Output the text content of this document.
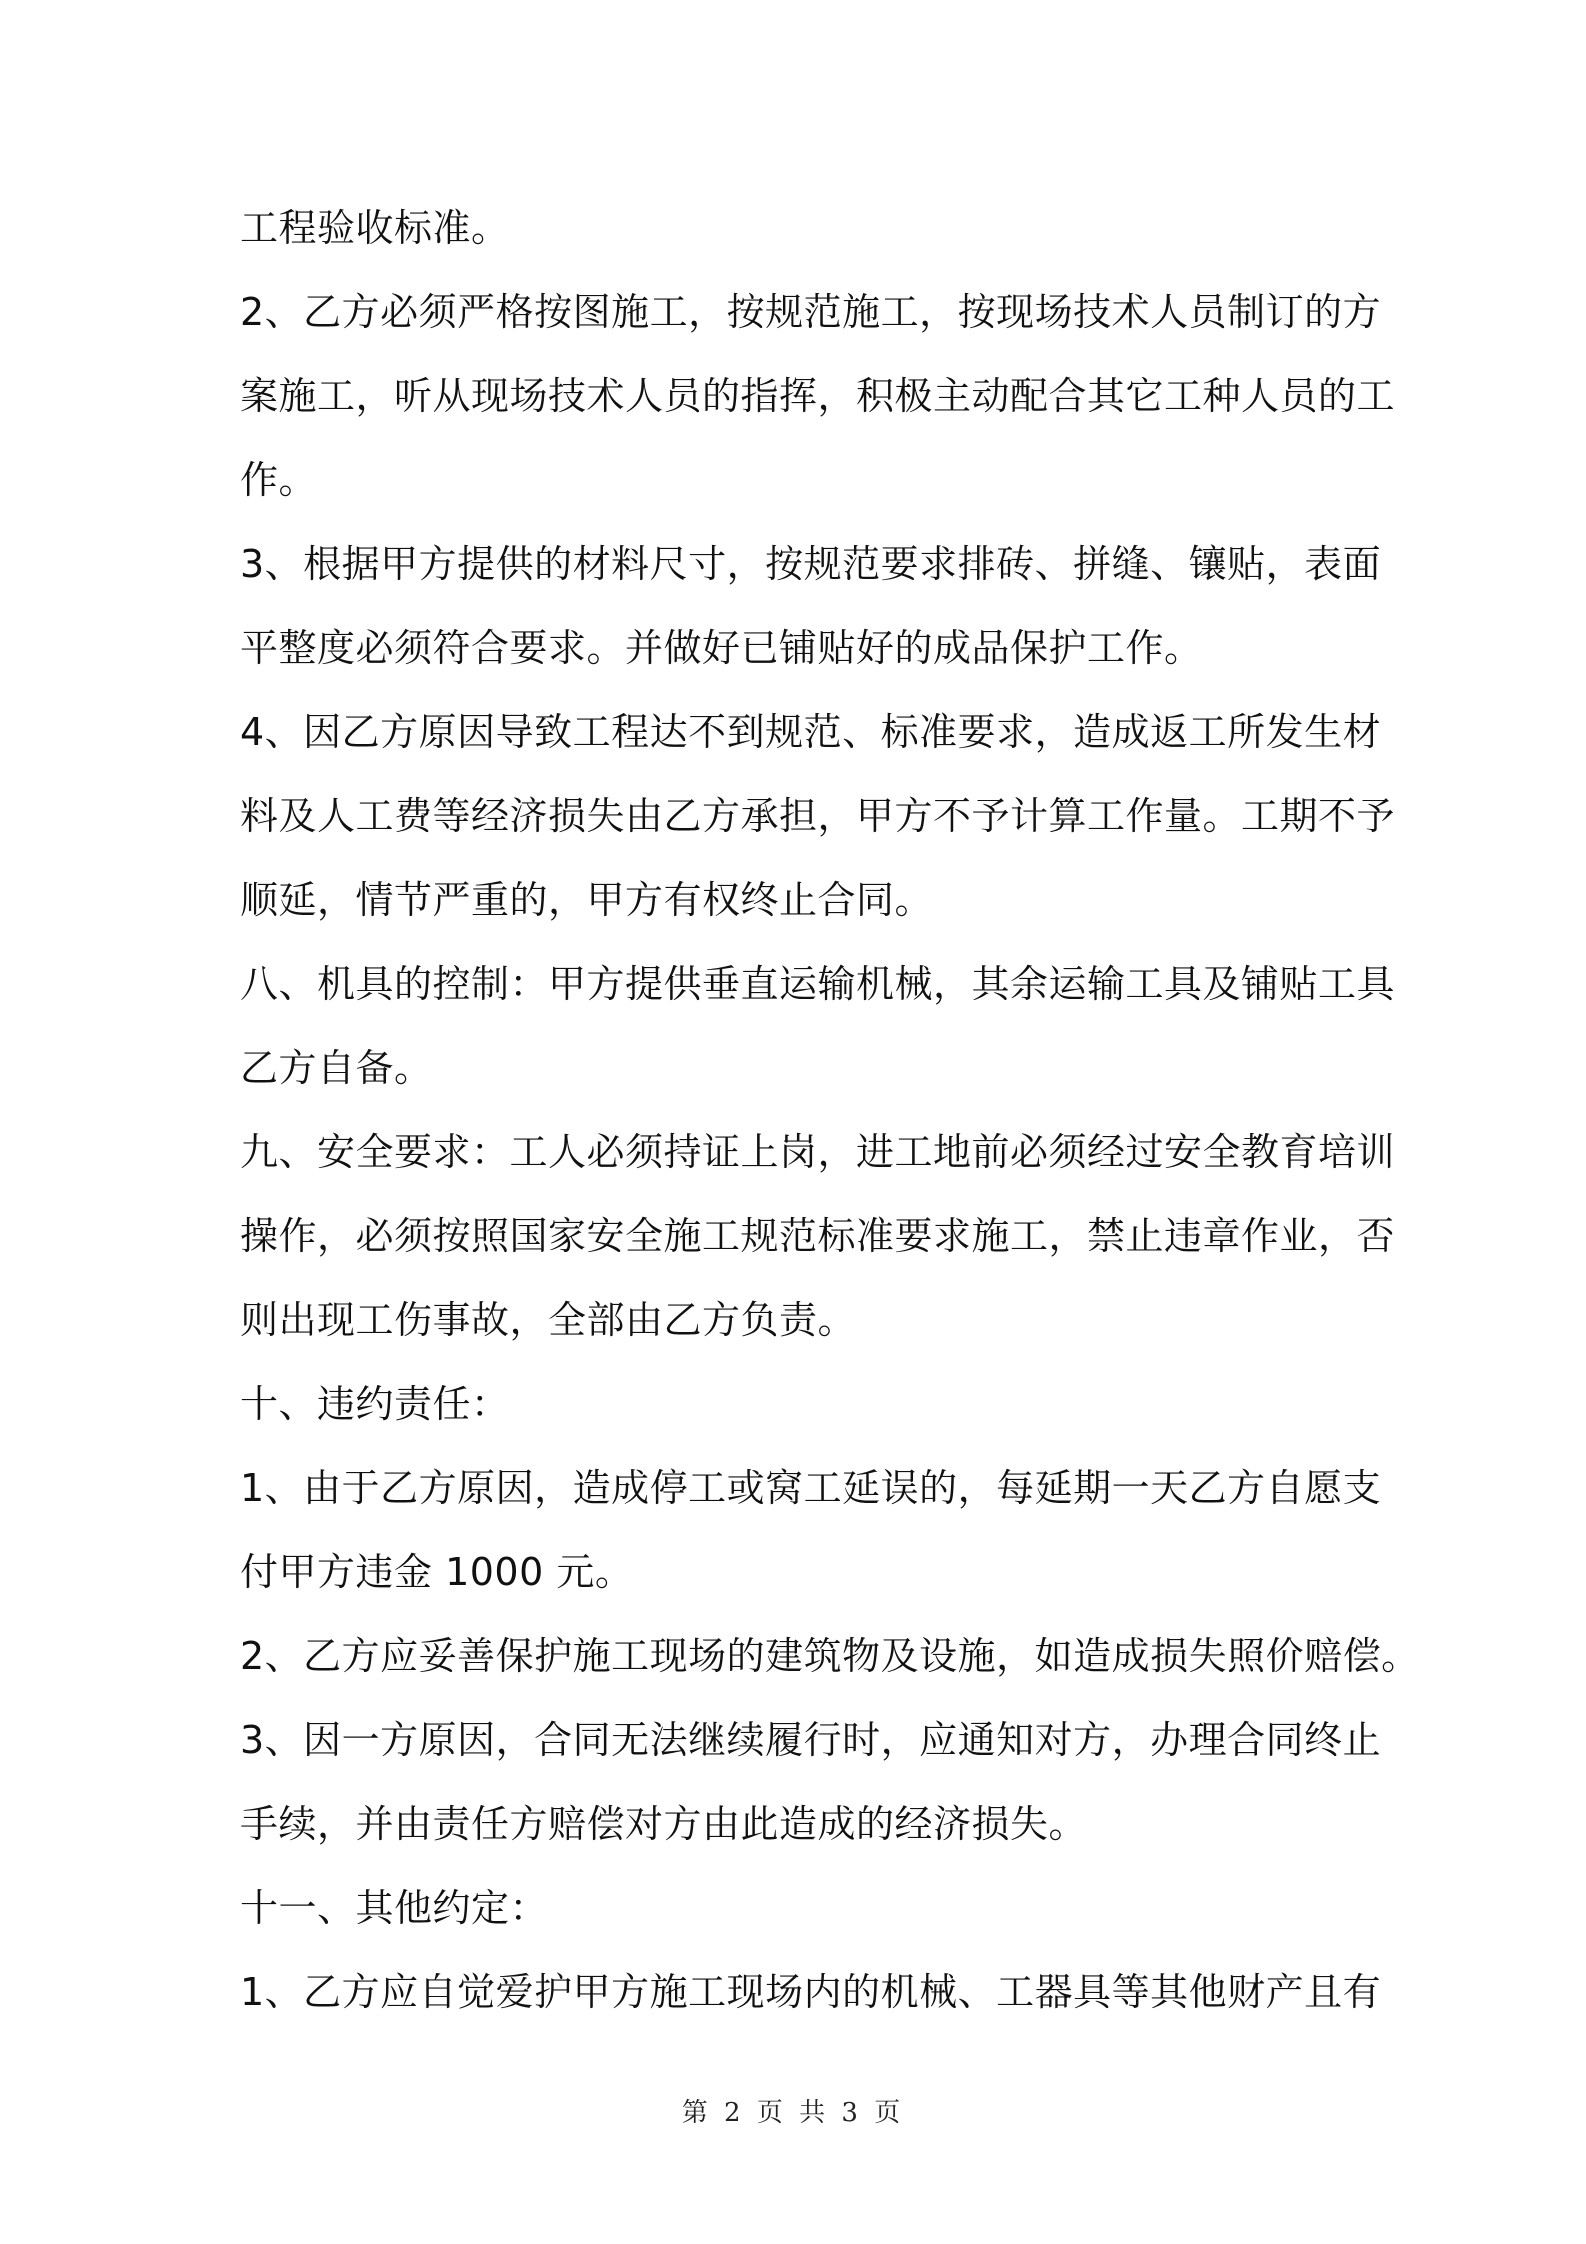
工程验收标准。
2、乙方必须严格按图施工，按规范施工，按现场技术人员制订的方
案施工，听从现场技术人员的指挥，积极主动配合其它工种人员的工
作。
3、根据甲方提供的材料尺寸，按规范要求排砖、拼缝、镶贴，表面
平整度必须符合要求。并做好已铺贴好的成品保护工作。
4、因乙方原因导致工程达不到规范、标准要求，造成返工所发生材
料及人工费等经济损失由乙方承担，甲方不予计算工作量。工期不予
顺延，情节严重的，甲方有权终止合同。
八、机具的控制：甲方提供垂直运输机械，其余运输工具及铺贴工具
乙方自备。
九、安全要求：工人必须持证上岗，进工地前必须经过安全教育培训
操作，必须按照国家安全施工规范标准要求施工，禁止违章作业，否
则出现工伤事故，全部由乙方负责。
十、违约责任：
1、由于乙方原因，造成停工或窝工延误的，每延期一天乙方自愿支
付甲方违金 1000 元。
2、乙方应妥善保护施工现场的建筑物及设施，如造成损失照价赔偿。
3、因一方原因，合同无法继续履行时，应通知对方，办理合同终止
手续，并由责任方赔偿对方由此造成的经济损失。
十一、其他约定：
1、乙方应自觉爱护甲方施工现场内的机械、工器具等其他财产且有
第 2 页 共 3 页
